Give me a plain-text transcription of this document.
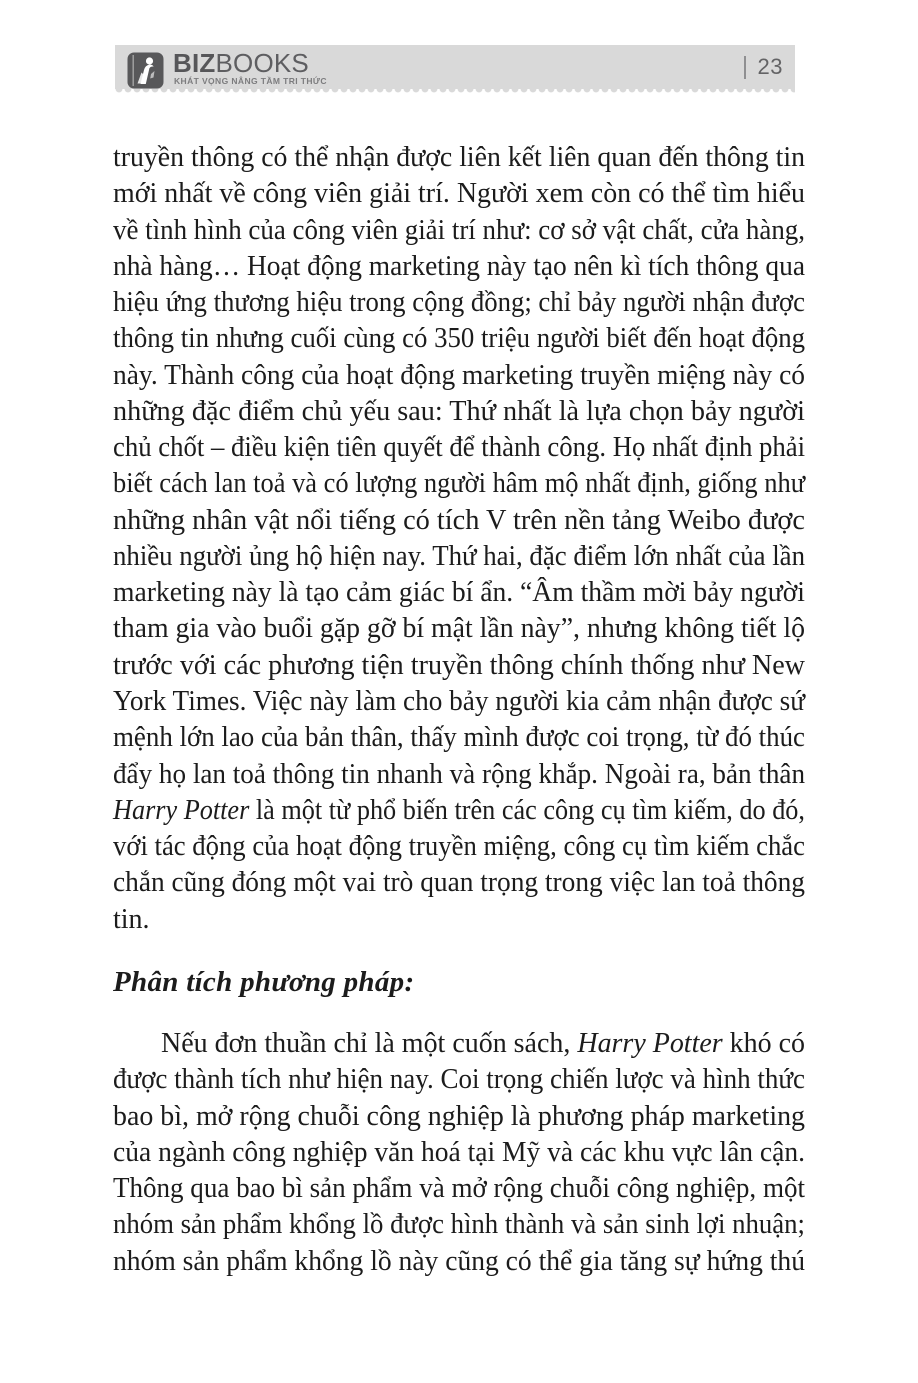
BIZBOOKS
KHÁT VỌNG NÂNG TẦM TRI THỨC
23
truyền thông có thể nhận được liên kết liên quan đến thông tin
mới nhất về công viên giải trí. Người xem còn có thể tìm hiểu
về tình hình của công viên giải trí như: cơ sở vật chất, cửa hàng,
nhà hàng… Hoạt động marketing này tạo nên kì tích thông qua
hiệu ứng thương hiệu trong cộng đồng; chỉ bảy người nhận được
thông tin nhưng cuối cùng có 350 triệu người biết đến hoạt động
này. Thành công của hoạt động marketing truyền miệng này có
những đặc điểm chủ yếu sau: Thứ nhất là lựa chọn bảy người
chủ chốt – điều kiện tiên quyết để thành công. Họ nhất định phải
biết cách lan toả và có lượng người hâm mộ nhất định, giống như
những nhân vật nổi tiếng có tích V trên nền tảng Weibo được
nhiều người ủng hộ hiện nay. Thứ hai, đặc điểm lớn nhất của lần
marketing này là tạo cảm giác bí ẩn. “Âm thầm mời bảy người
tham gia vào buổi gặp gỡ bí mật lần này”, nhưng không tiết lộ
trước với các phương tiện truyền thông chính thống như New
York Times. Việc này làm cho bảy người kia cảm nhận được sứ
mệnh lớn lao của bản thân, thấy mình được coi trọng, từ đó thúc
đẩy họ lan toả thông tin nhanh và rộng khắp. Ngoài ra, bản thân
Harry Potter là một từ phổ biến trên các công cụ tìm kiếm, do đó,
với tác động của hoạt động truyền miệng, công cụ tìm kiếm chắc
chắn cũng đóng một vai trò quan trọng trong việc lan toả thông
tin.
Phân tích phương pháp:
Nếu đơn thuần chỉ là một cuốn sách, Harry Potter khó có
được thành tích như hiện nay. Coi trọng chiến lược và hình thức
bao bì, mở rộng chuỗi công nghiệp là phương pháp marketing
của ngành công nghiệp văn hoá tại Mỹ và các khu vực lân cận.
Thông qua bao bì sản phẩm và mở rộng chuỗi công nghiệp, một
nhóm sản phẩm khổng lồ được hình thành và sản sinh lợi nhuận;
nhóm sản phẩm khổng lồ này cũng có thể gia tăng sự hứng thú
